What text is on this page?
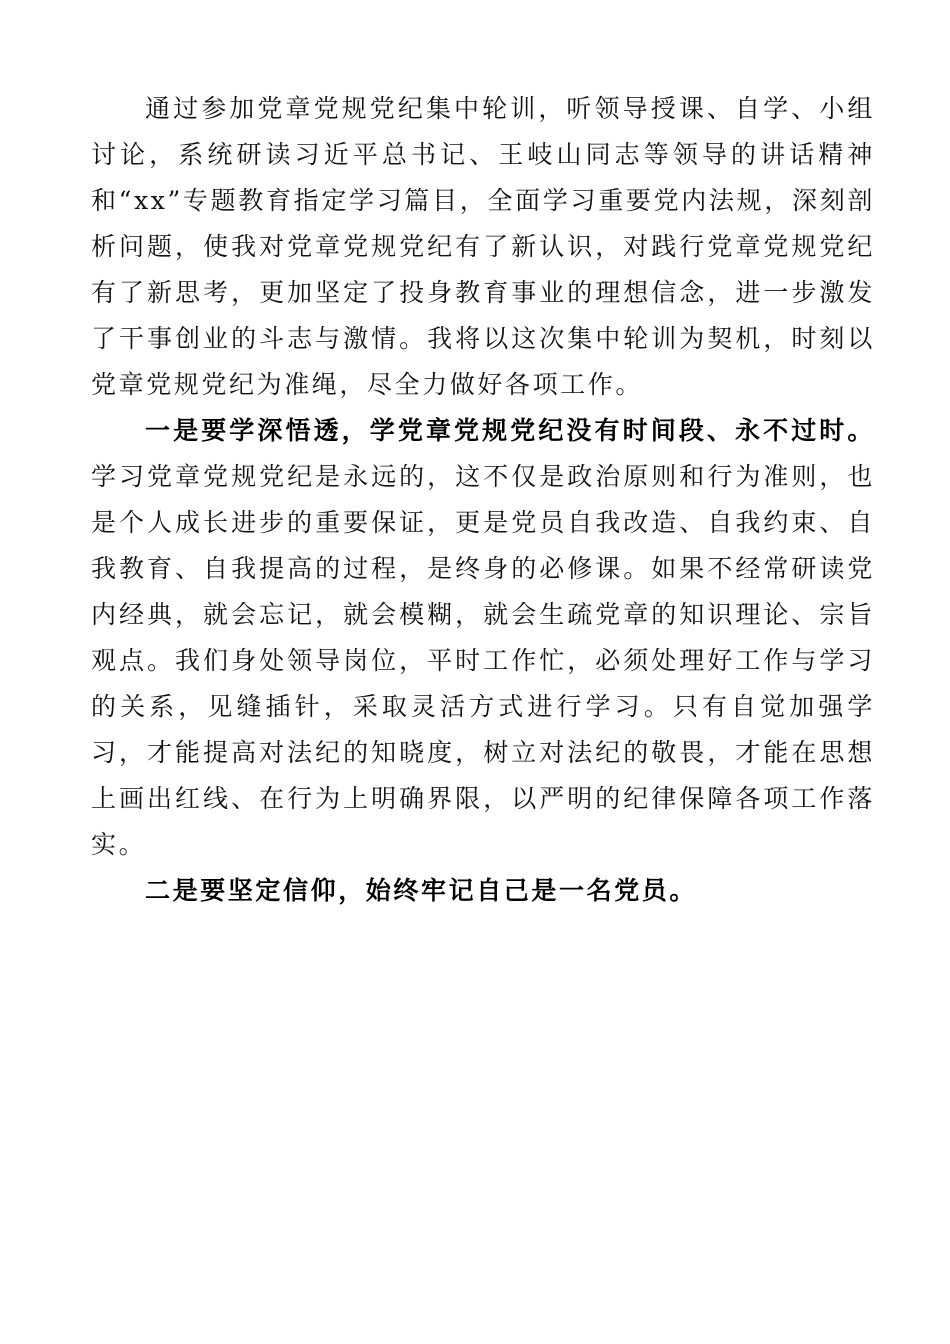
通过参加党章党规党纪集中轮训，听领导授课、自学、小组讨论，系统研读习近平总书记、王岐山同志等领导的讲话精神和“xx”专题教育指定学习篇目，全面学习重要党内法规，深刻剖析问题，使我对党章党规党纪有了新认识，对践行党章党规党纪有了新思考，更加坚定了投身教育事业的理想信念，进一步激发了干事创业的斗志与激情。我将以这次集中轮训为契机，时刻以党章党规党纪为准绳，尽全力做好各项工作。

一是要学深悟透，学党章党规党纪没有时间段、永不过时。学习党章党规党纪是永远的，这不仅是政治原则和行为准则，也是个人成长进步的重要保证，更是党员自我改造、自我约束、自我教育、自我提高的过程，是终身的必修课。如果不经常研读党内经典，就会忘记，就会模糊，就会生疏党章的知识理论、宗旨观点。我们身处领导岗位，平时工作忙，必须处理好工作与学习的关系，见缝插针，采取灵活方式进行学习。只有自觉加强学习，才能提高对法纪的知晓度，树立对法纪的敬畏，才能在思想上画出红线、在行为上明确界限，以严明的纪律保障各项工作落实。

二是要坚定信仰，始终牢记自己是一名党员。
